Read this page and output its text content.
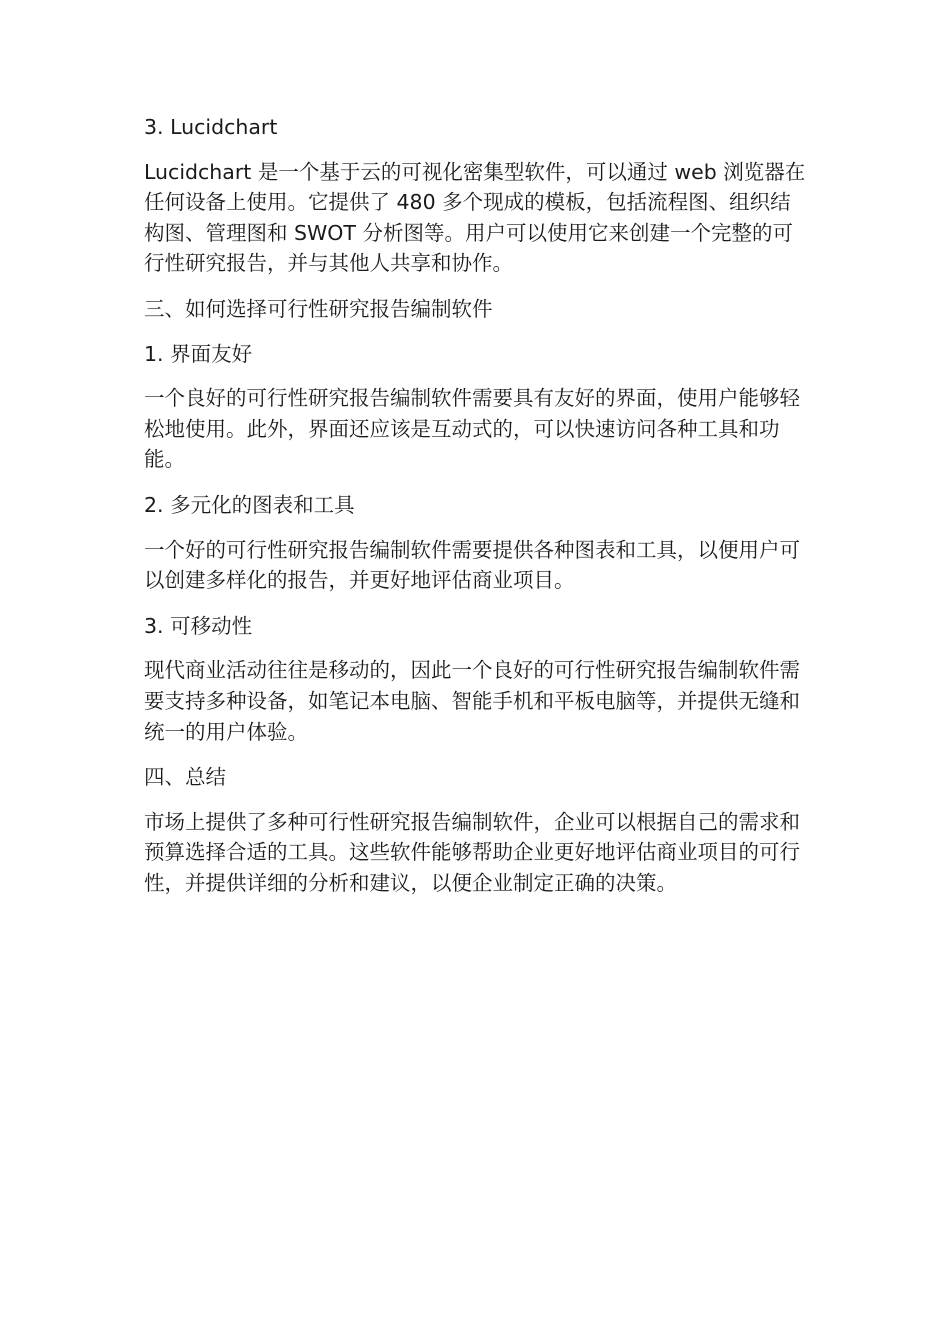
3. Lucidchart

Lucidchart 是一个基于云的可视化密集型软件，可以通过 web 浏览器在任何设备上使用。它提供了 480 多个现成的模板，包括流程图、组织结构图、管理图和 SWOT 分析图等。用户可以使用它来创建一个完整的可行性研究报告，并与其他人共享和协作。

三、如何选择可行性研究报告编制软件

1. 界面友好

一个良好的可行性研究报告编制软件需要具有友好的界面，使用户能够轻松地使用。此外，界面还应该是互动式的，可以快速访问各种工具和功能。

2. 多元化的图表和工具

一个好的可行性研究报告编制软件需要提供各种图表和工具，以便用户可以创建多样化的报告，并更好地评估商业项目。

3. 可移动性

现代商业活动往往是移动的，因此一个良好的可行性研究报告编制软件需要支持多种设备，如笔记本电脑、智能手机和平板电脑等，并提供无缝和统一的用户体验。

四、总结

市场上提供了多种可行性研究报告编制软件，企业可以根据自己的需求和预算选择合适的工具。这些软件能够帮助企业更好地评估商业项目的可行性，并提供详细的分析和建议，以便企业制定正确的决策。
